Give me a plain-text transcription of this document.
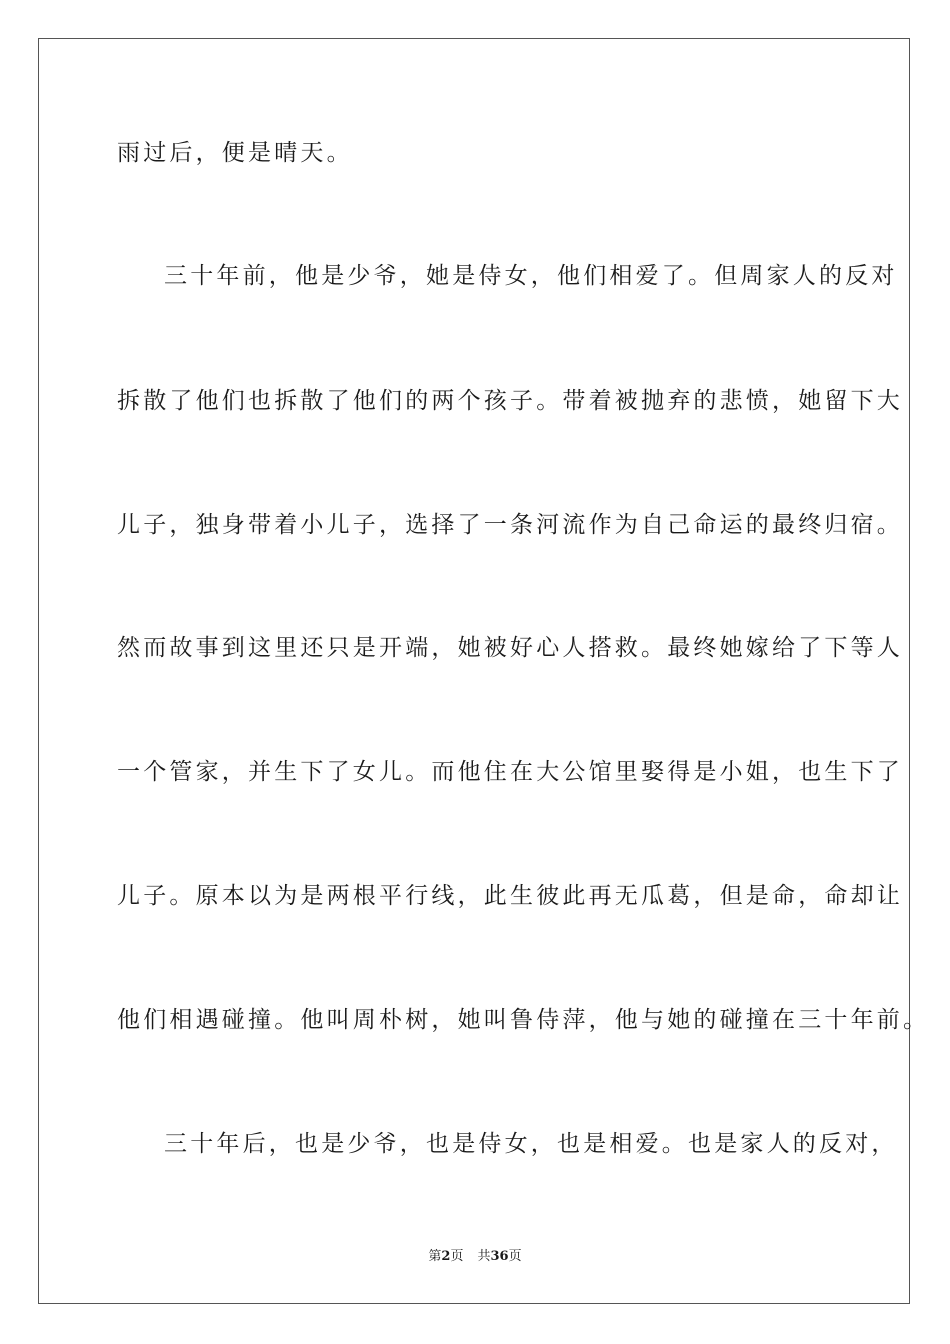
雨过后，便是晴天。
三十年前，他是少爷，她是侍女，他们相爱了。但周家人的反对
拆散了他们也拆散了他们的两个孩子。带着被抛弃的悲愤，她留下大
儿子，独身带着小儿子，选择了一条河流作为自己命运的最终归宿。
然而故事到这里还只是开端，她被好心人搭救。最终她嫁给了下等人
一个管家，并生下了女儿。而他住在大公馆里娶得是小姐，也生下了
儿子。原本以为是两根平行线，此生彼此再无瓜葛，但是命，命却让
他们相遇碰撞。他叫周朴树，她叫鲁侍萍，他与她的碰撞在三十年前。
三十年后，也是少爷，也是侍女，也是相爱。也是家人的反对，
第2页 共36页
